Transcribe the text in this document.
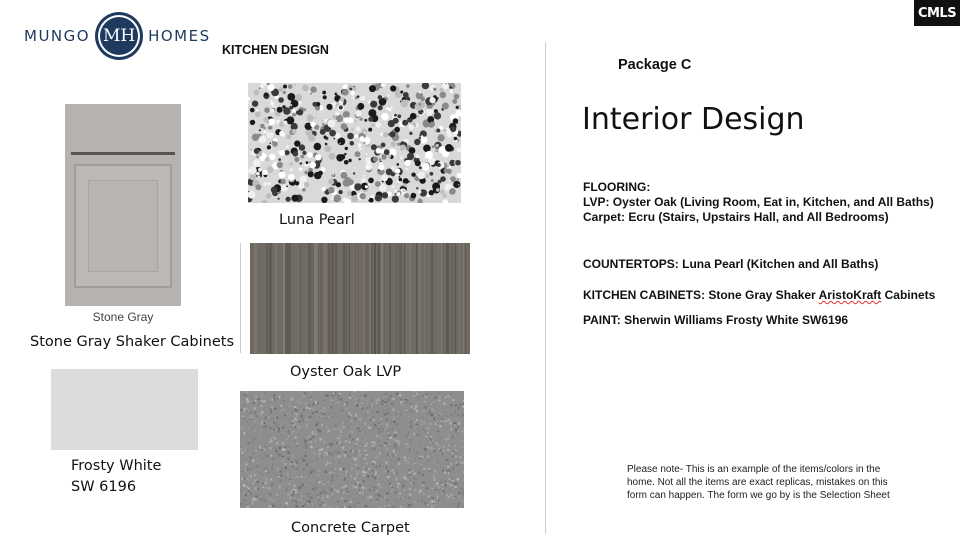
MUNGO MH HOMES
CMLS
KITCHEN DESIGN
Stone Gray
Stone Gray Shaker Cabinets
Luna Pearl
Oyster Oak LVP
Frosty White
SW 6196
Concrete Carpet
Package C
Interior Design
FLOORING:
LVP: Oyster Oak (Living Room, Eat in, Kitchen, and All Baths)
Carpet: Ecru (Stairs, Upstairs Hall, and All Bedrooms)
COUNTERTOPS: Luna Pearl (Kitchen and All Baths)
KITCHEN CABINETS: Stone Gray Shaker AristoKraft Cabinets
PAINT: Sherwin Williams Frosty White SW6196
Please note- This is an example of the items/colors in the home. Not all the items are exact replicas, mistakes on this form can happen. The form we go by is the Selection Sheet
